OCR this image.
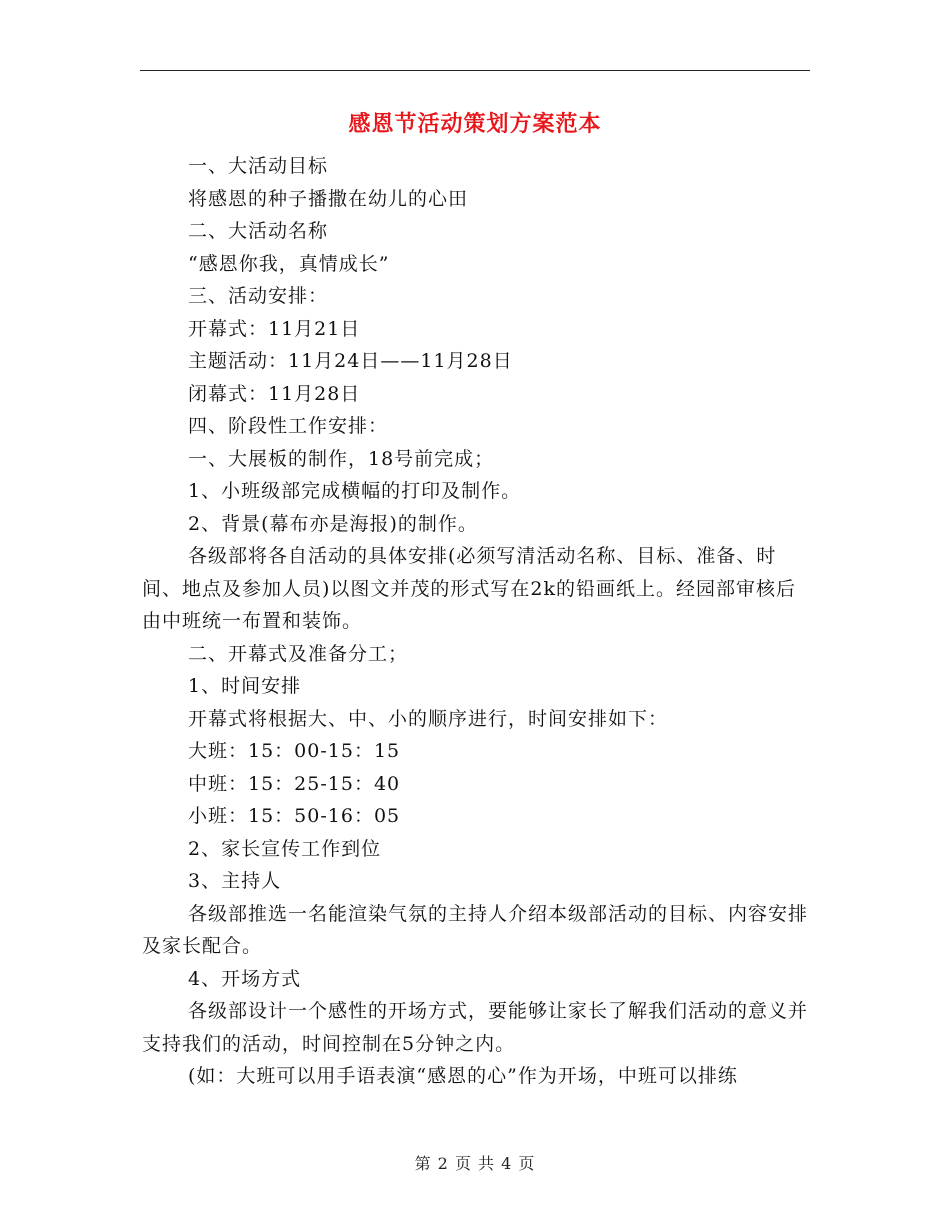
感恩节活动策划方案范本

一、大活动目标

将感恩的种子播撒在幼儿的心田

二、大活动名称

“感恩你我，真情成长”

三、活动安排：

开幕式：11月21日

主题活动：11月24日——11月28日

闭幕式：11月28日

四、阶段性工作安排：

一、大展板的制作，18号前完成；

1、小班级部完成横幅的打印及制作。

2、背景(幕布亦是海报)的制作。

各级部将各自活动的具体安排(必须写清活动名称、目标、准备、时间、地点及参加人员)以图文并茂的形式写在2k的铅画纸上。经园部审核后由中班统一布置和装饰。

二、开幕式及准备分工；

1、时间安排

开幕式将根据大、中、小的顺序进行，时间安排如下：

大班：15：00-15：15

中班：15：25-15：40

小班：15：50-16：05

2、家长宣传工作到位

3、主持人

各级部推选一名能渲染气氛的主持人介绍本级部活动的目标、内容安排及家长配合。

4、开场方式

各级部设计一个感性的开场方式，要能够让家长了解我们活动的意义并支持我们的活动，时间控制在5分钟之内。

(如：大班可以用手语表演“感恩的心”作为开场，中班可以排练

第 2 页 共 4 页
